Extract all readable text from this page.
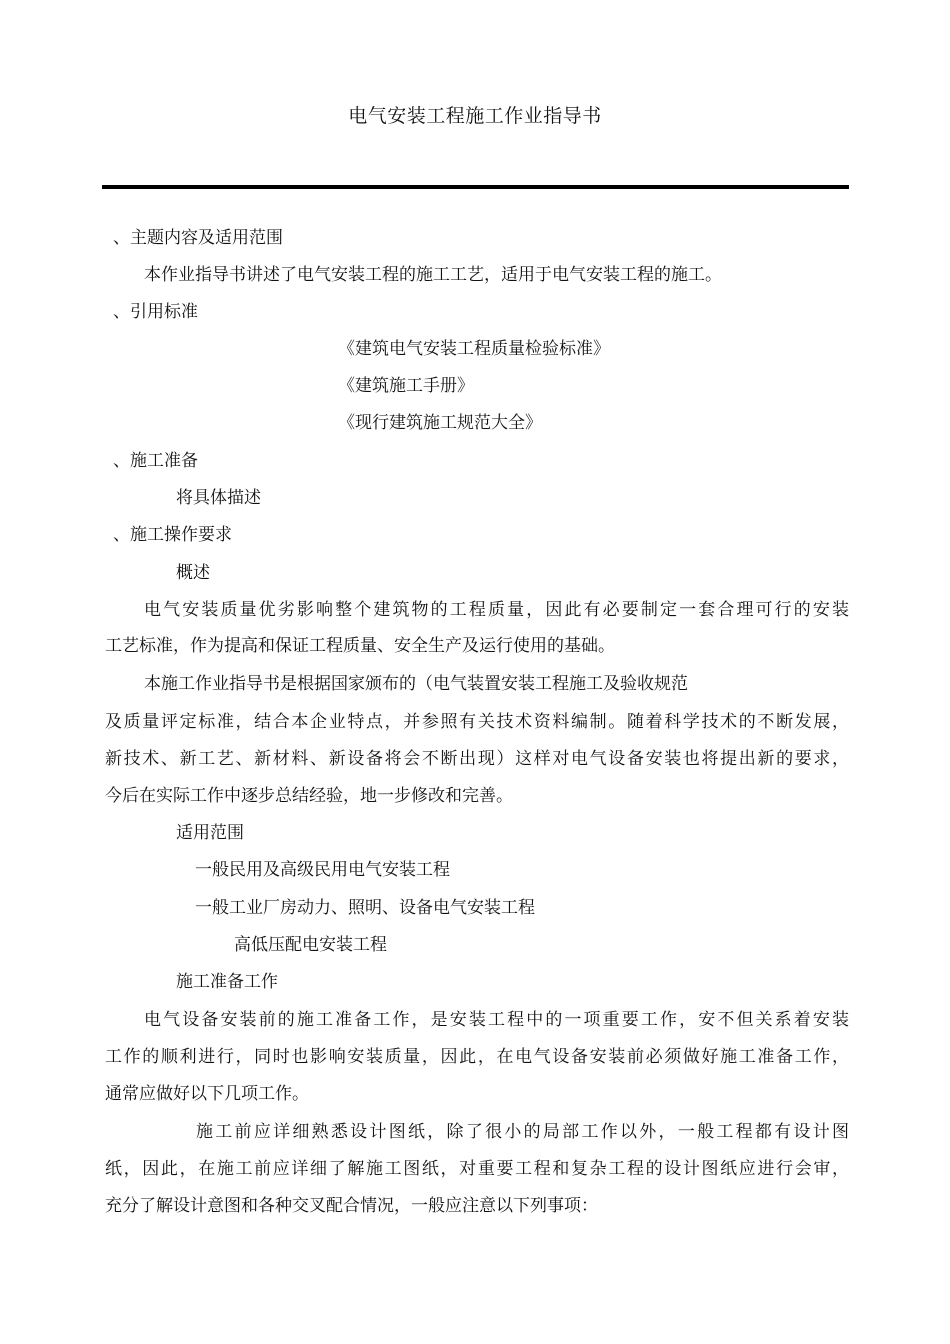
电气安装工程施工作业指导书
、主题内容及适用范围
本作业指导书讲述了电气安装工程的施工工艺，适用于电气安装工程的施工。
、引用标准
《建筑电气安装工程质量检验标准》
《建筑施工手册》
《现行建筑施工规范大全》
、施工准备
将具体描述
、施工操作要求
概述
电气安装质量优劣影响整个建筑物的工程质量，因此有必要制定一套合理可行的安装
工艺标准，作为提高和保证工程质量、安全生产及运行使用的基础。
本施工作业指导书是根据国家颁布的（电气装置安装工程施工及验收规范
及质量评定标准，结合本企业特点，并参照有关技术资料编制。随着科学技术的不断发展，
新技术、新工艺、新材料、新设备将会不断出现）这样对电气设备安装也将提出新的要求，
今后在实际工作中逐步总结经验，地一步修改和完善。
适用范围
一般民用及高级民用电气安装工程
一般工业厂房动力、照明、设备电气安装工程
高低压配电安装工程
施工准备工作
电气设备安装前的施工准备工作，是安装工程中的一项重要工作，安不但关系着安装
工作的顺利进行，同时也影响安装质量，因此，在电气设备安装前必须做好施工准备工作，
通常应做好以下几项工作。
施工前应详细熟悉设计图纸，除了很小的局部工作以外，一般工程都有设计图
纸，因此，在施工前应详细了解施工图纸，对重要工程和复杂工程的设计图纸应进行会审，
充分了解设计意图和各种交叉配合情况，一般应注意以下列事项：
